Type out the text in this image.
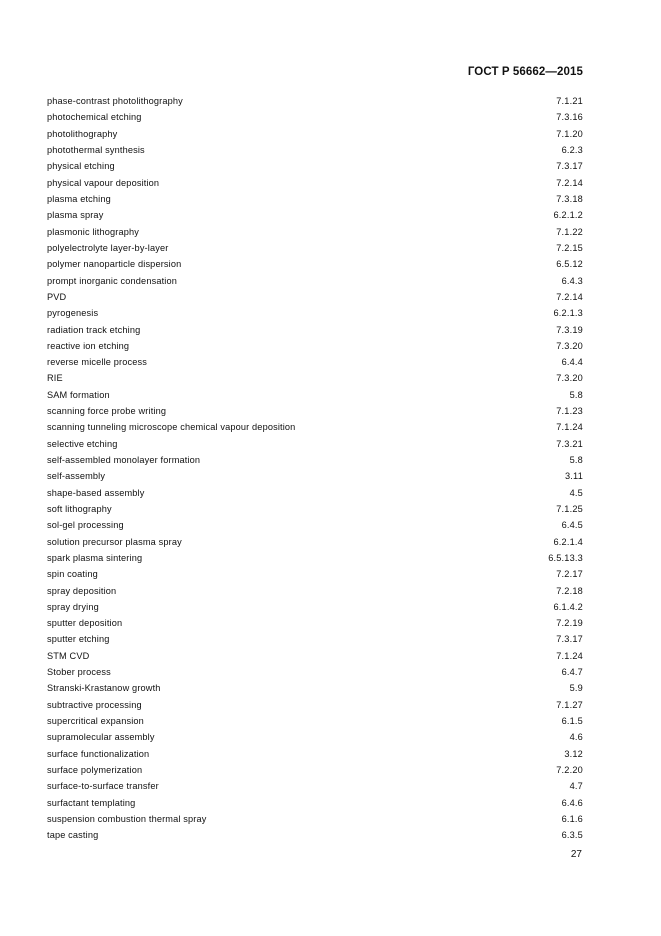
ГОСТ Р 56662—2015
phase-contrast photolithography	7.1.21
photochemical etching	7.3.16
photolithography	7.1.20
photothermal synthesis	6.2.3
physical etching	7.3.17
physical vapour deposition	7.2.14
plasma etching	7.3.18
plasma spray	6.2.1.2
plasmonic lithography	7.1.22
polyelectrolyte layer-by-layer	7.2.15
polymer nanoparticle dispersion	6.5.12
prompt inorganic condensation	6.4.3
PVD	7.2.14
pyrogenesis	6.2.1.3
radiation track etching	7.3.19
reactive ion etching	7.3.20
reverse micelle process	6.4.4
RIE	7.3.20
SAM formation	5.8
scanning force probe writing	7.1.23
scanning tunneling microscope chemical vapour deposition	7.1.24
selective etching	7.3.21
self-assembled monolayer formation	5.8
self-assembly	3.11
shape-based assembly	4.5
soft lithography	7.1.25
sol-gel processing	6.4.5
solution precursor plasma spray	6.2.1.4
spark plasma sintering	6.5.13.3
spin coating	7.2.17
spray deposition	7.2.18
spray drying	6.1.4.2
sputter deposition	7.2.19
sputter etching	7.3.17
STM CVD	7.1.24
Stober process	6.4.7
Stranski-Krastanow growth	5.9
subtractive processing	7.1.27
supercritical expansion	6.1.5
supramolecular assembly	4.6
surface functionalization	3.12
surface polymerization	7.2.20
surface-to-surface transfer	4.7
surfactant templating	6.4.6
suspension combustion thermal spray	6.1.6
tape casting	6.3.5
27
